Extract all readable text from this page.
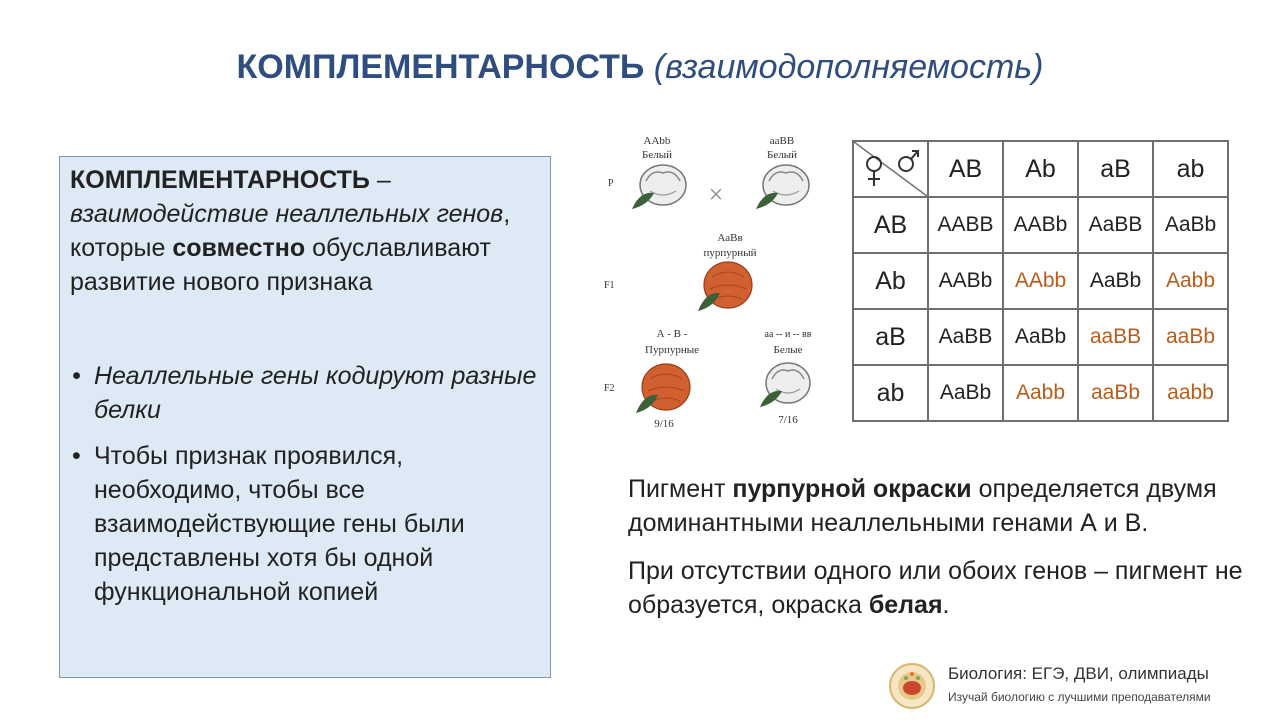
КОМПЛЕМЕНТАРНОСТЬ (взаимодополняемость)

КОМПЛЕМЕНТАРНОСТЬ – взаимодействие неаллельных генов, которые совместно обуславливают развитие нового признака

• Неаллельные гены кодируют разные белки
• Чтобы признак проявился, необходимо, чтобы все взаимодействующие гены были представлены хотя бы одной функциональной копией
P
F1
F2
AAbb
Белый
aaBB
Белый
×
AaBв
пурпурный
А - В -
Пурпурные
аа -- и -- вв
Белые
9/16	7/16
	AB	Ab	aB	ab
AB	AABB	AABb	AaBB	AaBb
Ab	AABb	AAbb	AaBb	Aabb
aB	AaBB	AaBb	aaBB	aaBb
ab	AaBb	Aabb	aaBb	aabb

Пигмент пурпурной окраски определяется двумя доминантными неаллельными генами А и В.

При отсутствии одного или обоих генов – пигмент не образуется, окраска белая.

Биология: ЕГЭ, ДВИ, олимпиады
Изучай биологию с лучшими преподавателями
